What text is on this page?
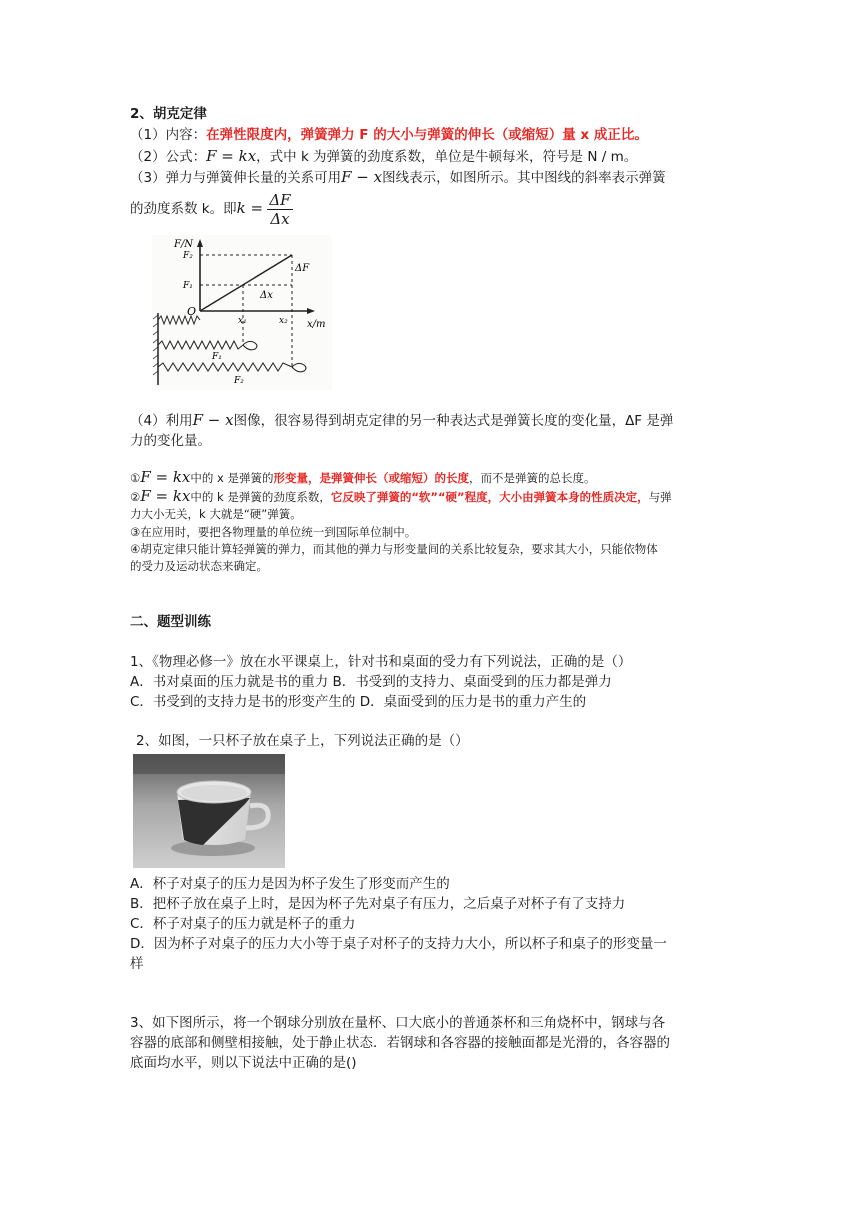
2、胡克定律
（1）内容：在弹性限度内，弹簧弹力 F 的大小与弹簧的伸长（或缩短）量 x 成正比。
（2）公式：F = kx，式中 k 为弹簧的劲度系数，单位是牛顿每米，符号是 N / m。
（3）弹力与弹簧伸长量的关系可用F − x图线表示，如图所示。其中图线的斜率表示弹簧
的劲度系数 k。即$k = \frac{\Delta F}{\Delta x}$
F/N
x/m
O
F₁
F₂
x₁	x₂
ΔF
Δx
F₁
F₂
（4）利用F − x图像，很容易得到胡克定律的另一种表达式是弹簧长度的变化量，ΔF 是弹
力的变化量。
①F = kx中的 x 是弹簧的形变量，是弹簧伸长（或缩短）的长度，而不是弹簧的总长度。
②F = kx中的 k 是弹簧的劲度系数，它反映了弹簧的“软”“硬”程度，大小由弹簧本身的性质决定，与弹
力大小无关，k 大就是“硬”弹簧。
③在应用时，要把各物理量的单位统一到国际单位制中。
④胡克定律只能计算轻弹簧的弹力，而其他的弹力与形变量间的关系比较复杂，要求其大小，只能依物体
的受力及运动状态来确定。
二、题型训练
1、《物理必修一》放在水平课桌上，针对书和桌面的受力有下列说法，正确的是（）
A．书对桌面的压力就是书的重力 B．书受到的支持力、桌面受到的压力都是弹力
C．书受到的支持力是书的形变产生的 D．桌面受到的压力是书的重力产生的
2、如图，一只杯子放在桌子上，下列说法正确的是（）
A．杯子对桌子的压力是因为杯子发生了形变而产生的
B．把杯子放在桌子上时，是因为杯子先对桌子有压力，之后桌子对杯子有了支持力
C．杯子对桌子的压力就是杯子的重力
D．因为杯子对桌子的压力大小等于桌子对杯子的支持力大小，所以杯子和桌子的形变量一
样
3、如下图所示，将一个钢球分别放在量杯、口大底小的普通茶杯和三角烧杯中，钢球与各
容器的底部和侧壁相接触，处于静止状态．若钢球和各容器的接触面都是光滑的，各容器的
底面均水平，则以下说法中正确的是()
